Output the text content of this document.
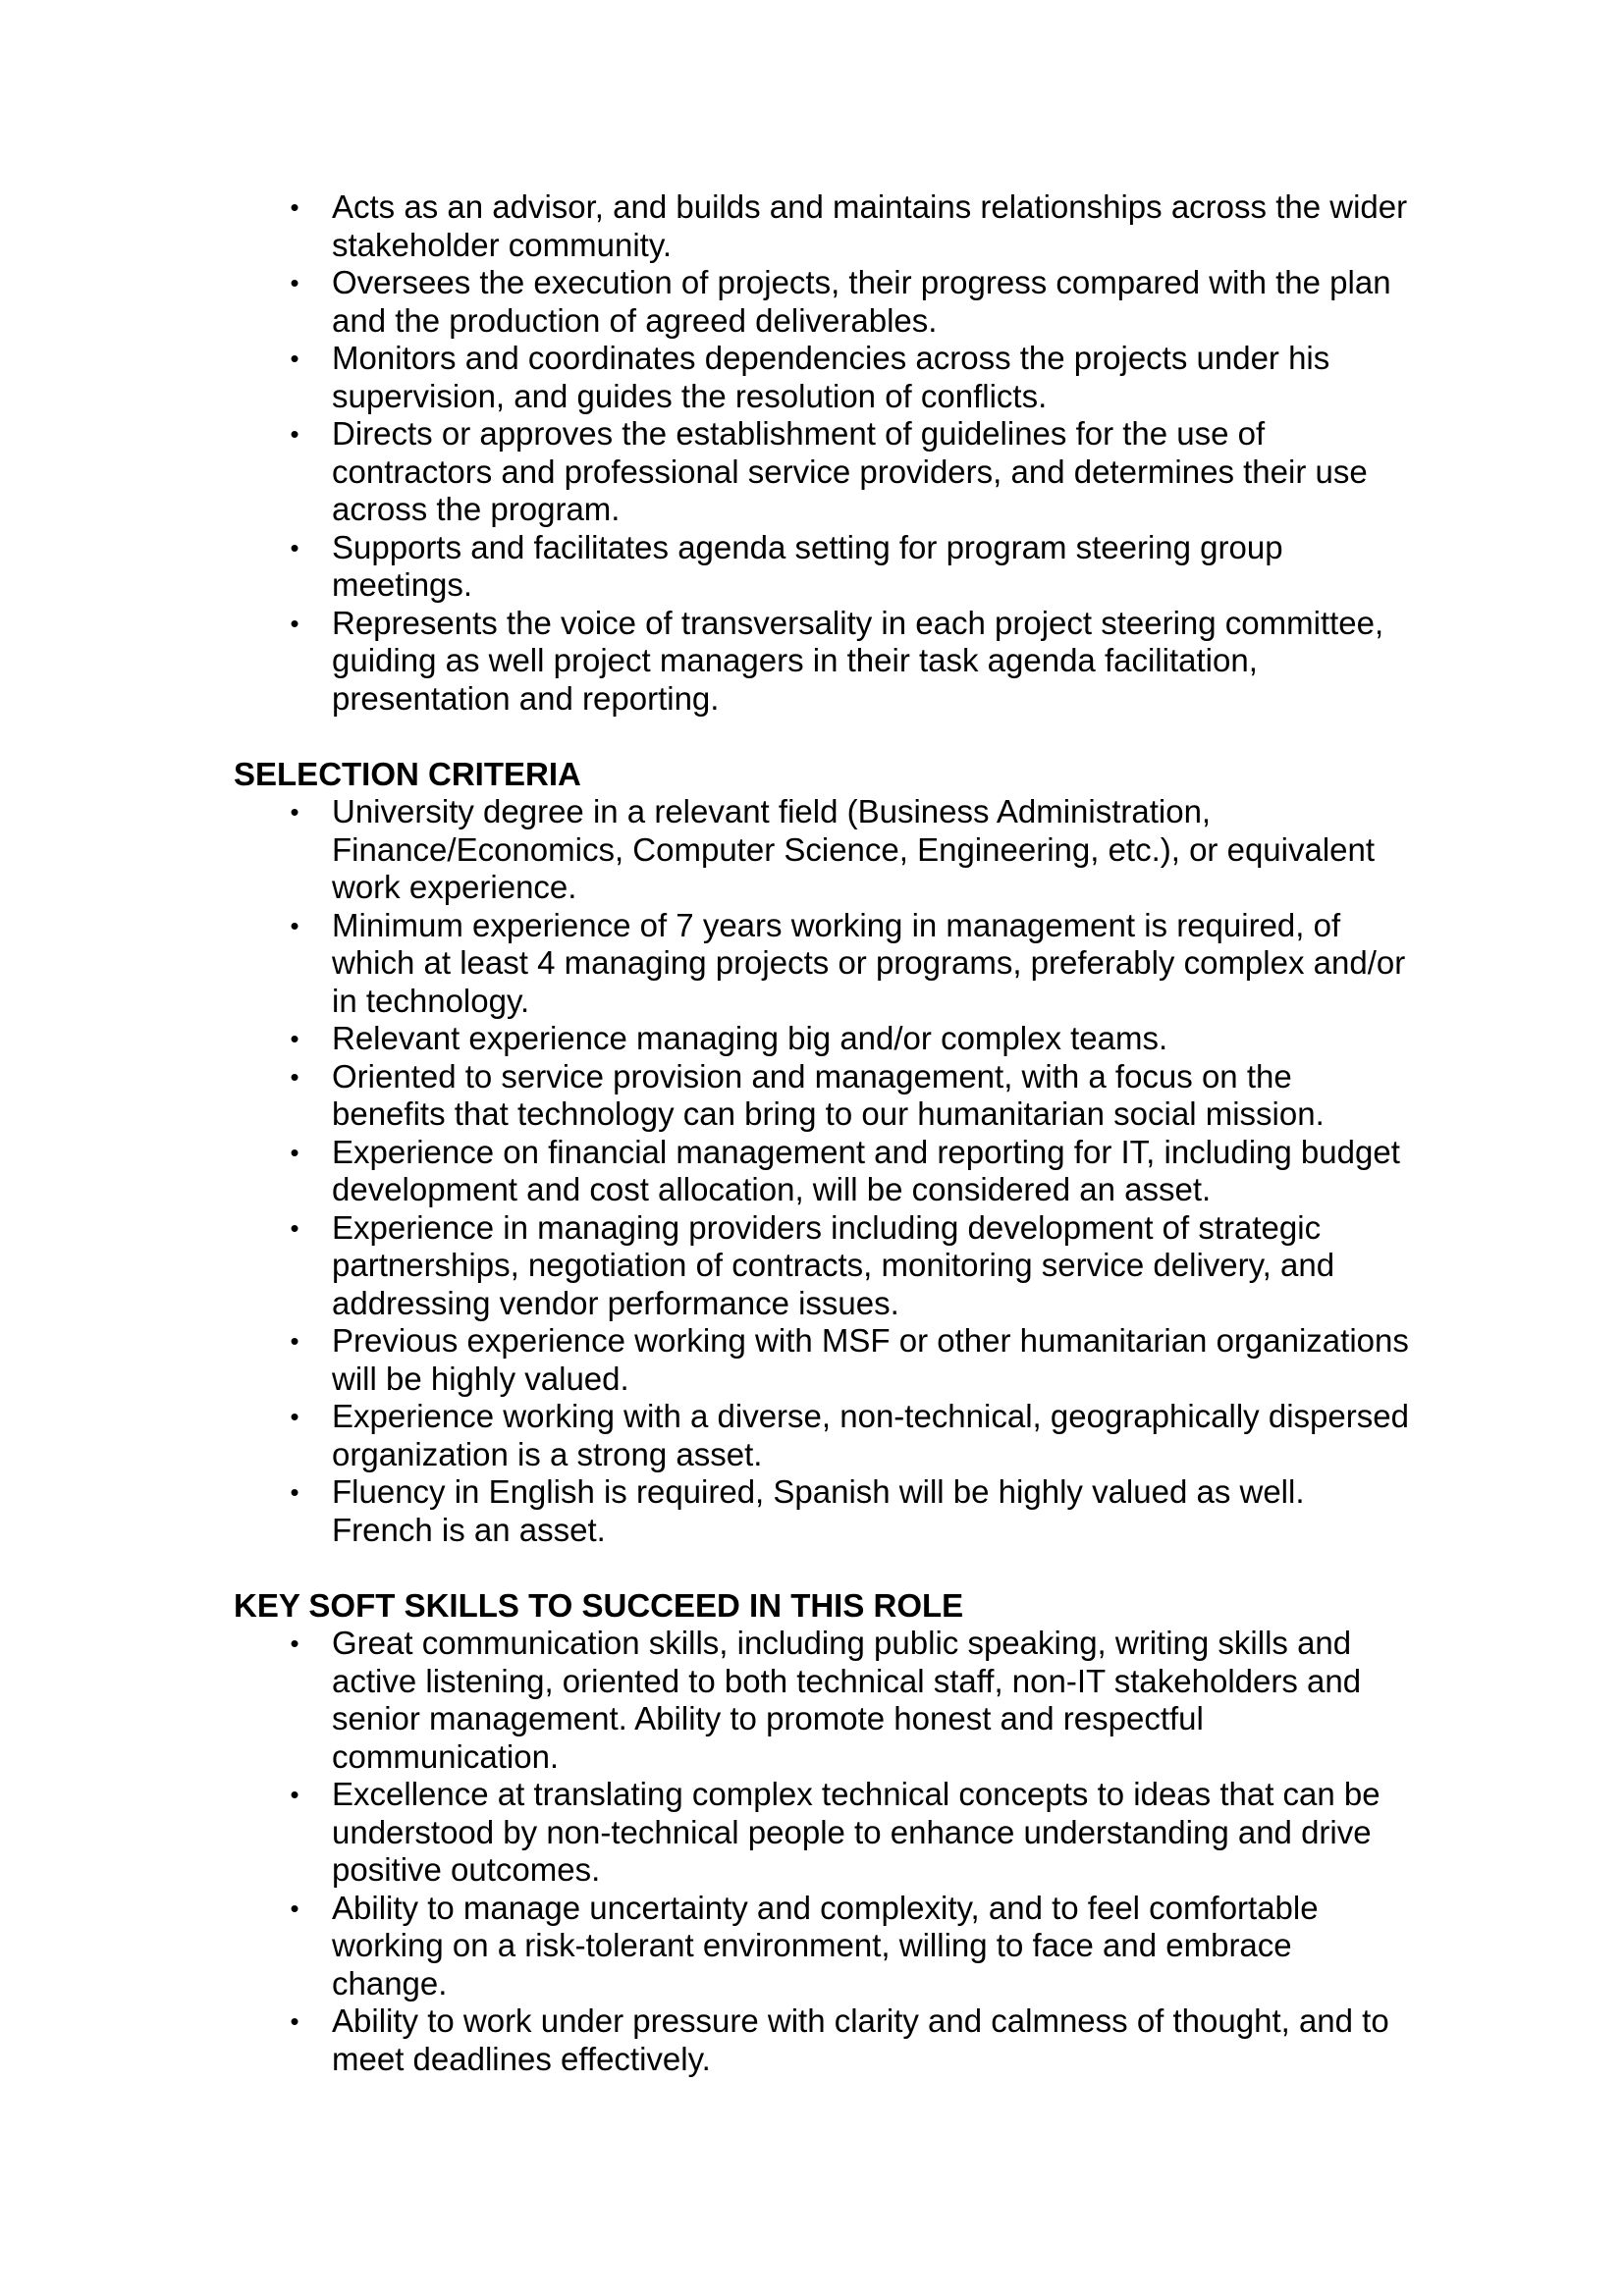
• Acts as an advisor, and builds and maintains relationships across the wider stakeholder community.
• Oversees the execution of projects, their progress compared with the plan and the production of agreed deliverables.
• Monitors and coordinates dependencies across the projects under his supervision, and guides the resolution of conflicts.
• Directs or approves the establishment of guidelines for the use of contractors and professional service providers, and determines their use across the program.
• Supports and facilitates agenda setting for program steering group meetings.
• Represents the voice of transversality in each project steering committee, guiding as well project managers in their task agenda facilitation, presentation and reporting.
SELECTION CRITERIA
• University degree in a relevant field (Business Administration, Finance/Economics, Computer Science, Engineering, etc.), or equivalent work experience.
• Minimum experience of 7 years working in management is required, of which at least 4 managing projects or programs, preferably complex and/or in technology.
• Relevant experience managing big and/or complex teams.
• Oriented to service provision and management, with a focus on the benefits that technology can bring to our humanitarian social mission.
• Experience on financial management and reporting for IT, including budget development and cost allocation, will be considered an asset.
• Experience in managing providers including development of strategic partnerships, negotiation of contracts, monitoring service delivery, and addressing vendor performance issues.
• Previous experience working with MSF or other humanitarian organizations will be highly valued.
• Experience working with a diverse, non-technical, geographically dispersed organization is a strong asset.
• Fluency in English is required, Spanish will be highly valued as well. French is an asset.
KEY SOFT SKILLS TO SUCCEED IN THIS ROLE
• Great communication skills, including public speaking, writing skills and active listening, oriented to both technical staff, non-IT stakeholders and senior management. Ability to promote honest and respectful communication.
• Excellence at translating complex technical concepts to ideas that can be understood by non-technical people to enhance understanding and drive positive outcomes.
• Ability to manage uncertainty and complexity, and to feel comfortable working on a risk-tolerant environment, willing to face and embrace change.
• Ability to work under pressure with clarity and calmness of thought, and to meet deadlines effectively.
